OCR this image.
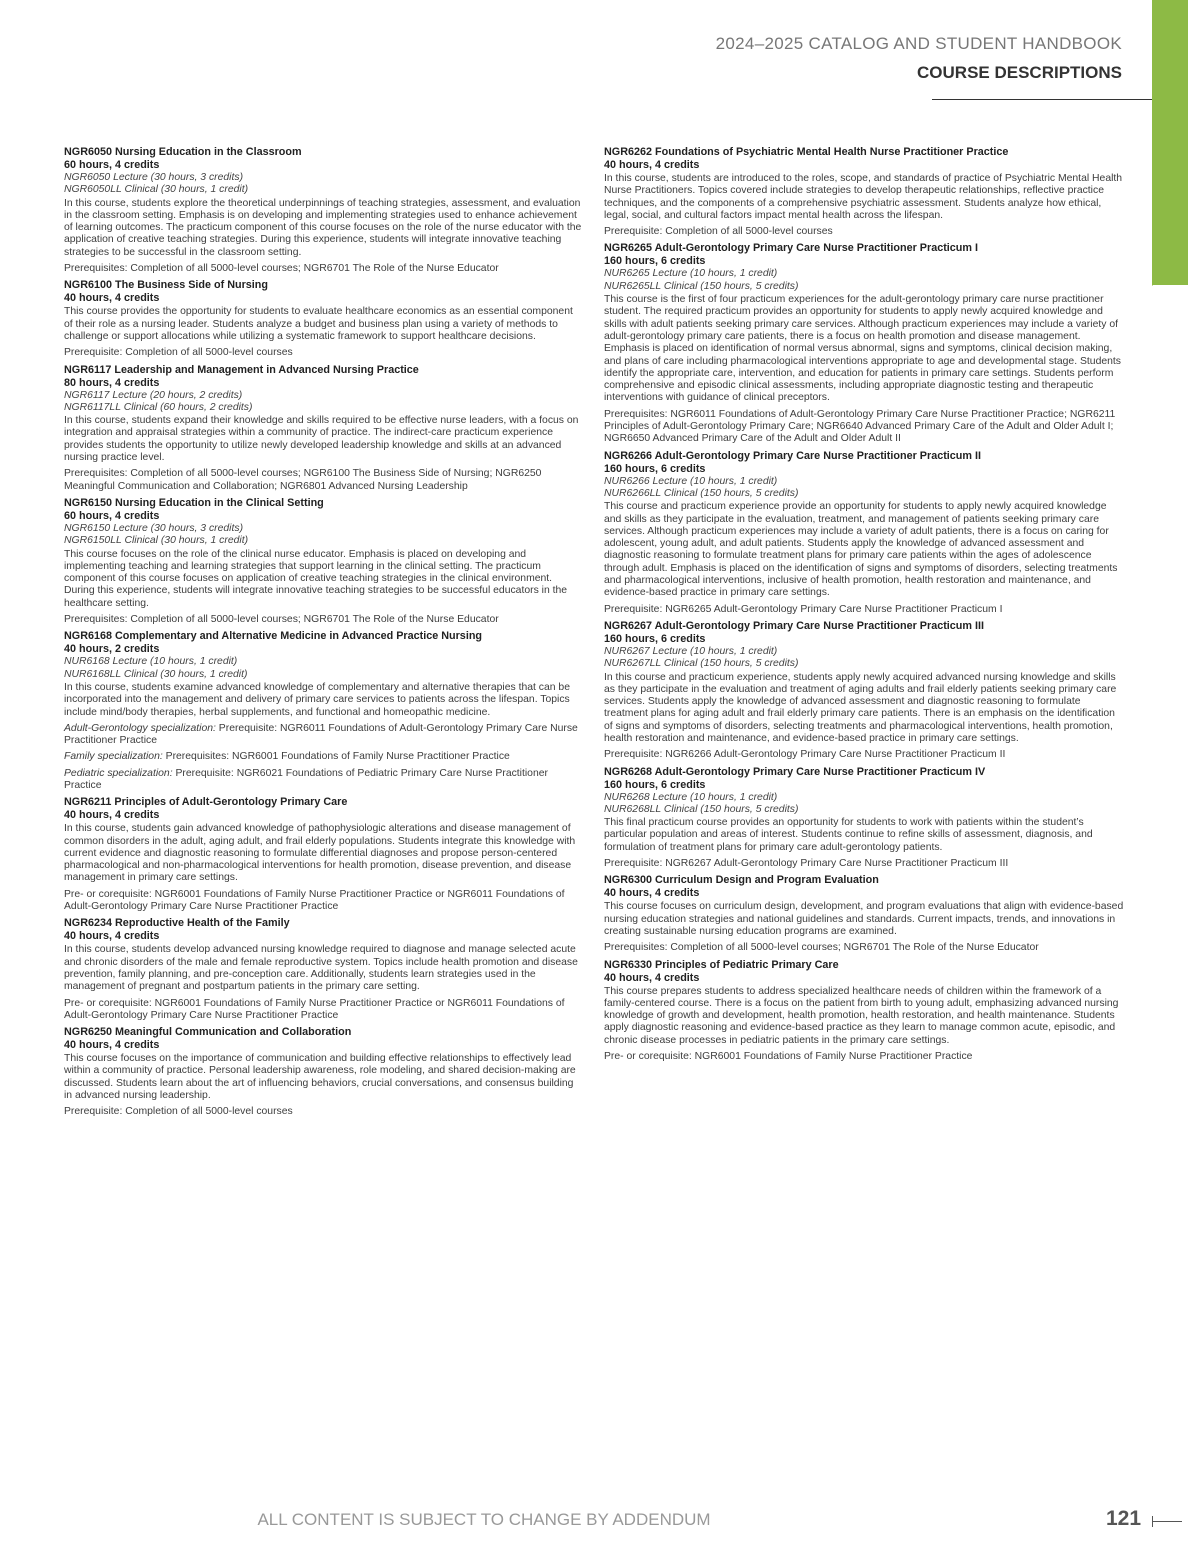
2024–2025 CATALOG AND STUDENT HANDBOOK
COURSE DESCRIPTIONS
NGR6050 Nursing Education in the Classroom
60 hours, 4 credits
NGR6050 Lecture (30 hours, 3 credits)
NGR6050LL Clinical (30 hours, 1 credit)
In this course, students explore the theoretical underpinnings of teaching strategies, assessment, and evaluation in the classroom setting. Emphasis is on developing and implementing strategies used to enhance achievement of learning outcomes. The practicum component of this course focuses on the role of the nurse educator with the application of creative teaching strategies. During this experience, students will integrate innovative teaching strategies to be successful in the classroom setting.
Prerequisites: Completion of all 5000-level courses; NGR6701 The Role of the Nurse Educator
NGR6100 The Business Side of Nursing
40 hours, 4 credits
This course provides the opportunity for students to evaluate healthcare economics as an essential component of their role as a nursing leader. Students analyze a budget and business plan using a variety of methods to challenge or support allocations while utilizing a systematic framework to support healthcare decisions.
Prerequisite: Completion of all 5000-level courses
NGR6117 Leadership and Management in Advanced Nursing Practice
80 hours, 4 credits
NGR6117 Lecture (20 hours, 2 credits)
NGR6117LL Clinical (60 hours, 2 credits)
In this course, students expand their knowledge and skills required to be effective nurse leaders, with a focus on integration and appraisal strategies within a community of practice. The indirect-care practicum experience provides students the opportunity to utilize newly developed leadership knowledge and skills at an advanced nursing practice level.
Prerequisites: Completion of all 5000-level courses; NGR6100 The Business Side of Nursing; NGR6250 Meaningful Communication and Collaboration; NGR6801 Advanced Nursing Leadership
NGR6150 Nursing Education in the Clinical Setting
60 hours, 4 credits
NGR6150 Lecture (30 hours, 3 credits)
NGR6150LL Clinical (30 hours, 1 credit)
This course focuses on the role of the clinical nurse educator. Emphasis is placed on developing and implementing teaching and learning strategies that support learning in the clinical setting. The practicum component of this course focuses on application of creative teaching strategies in the clinical environment. During this experience, students will integrate innovative teaching strategies to be successful educators in the healthcare setting.
Prerequisites: Completion of all 5000-level courses; NGR6701 The Role of the Nurse Educator
NGR6168 Complementary and Alternative Medicine in Advanced Practice Nursing
40 hours, 2 credits
NUR6168 Lecture (10 hours, 1 credit)
NUR6168LL Clinical (30 hours, 1 credit)
In this course, students examine advanced knowledge of complementary and alternative therapies that can be incorporated into the management and delivery of primary care services to patients across the lifespan. Topics include mind/body therapies, herbal supplements, and functional and homeopathic medicine.
Adult-Gerontology specialization: Prerequisite: NGR6011 Foundations of Adult-Gerontology Primary Care Nurse Practitioner Practice
Family specialization: Prerequisites: NGR6001 Foundations of Family Nurse Practitioner Practice
Pediatric specialization: Prerequisite: NGR6021 Foundations of Pediatric Primary Care Nurse Practitioner Practice
NGR6211 Principles of Adult-Gerontology Primary Care
40 hours, 4 credits
In this course, students gain advanced knowledge of pathophysiologic alterations and disease management of common disorders in the adult, aging adult, and frail elderly populations. Students integrate this knowledge with current evidence and diagnostic reasoning to formulate differential diagnoses and propose person-centered pharmacological and non-pharmacological interventions for health promotion, disease prevention, and disease management in primary care settings.
Pre- or corequisite: NGR6001 Foundations of Family Nurse Practitioner Practice or NGR6011 Foundations of Adult-Gerontology Primary Care Nurse Practitioner Practice
NGR6234 Reproductive Health of the Family
40 hours, 4 credits
In this course, students develop advanced nursing knowledge required to diagnose and manage selected acute and chronic disorders of the male and female reproductive system. Topics include health promotion and disease prevention, family planning, and pre-conception care. Additionally, students learn strategies used in the management of pregnant and postpartum patients in the primary care setting.
Pre- or corequisite: NGR6001 Foundations of Family Nurse Practitioner Practice or NGR6011 Foundations of Adult-Gerontology Primary Care Nurse Practitioner Practice
NGR6250 Meaningful Communication and Collaboration
40 hours, 4 credits
This course focuses on the importance of communication and building effective relationships to effectively lead within a community of practice. Personal leadership awareness, role modeling, and shared decision-making are discussed. Students learn about the art of influencing behaviors, crucial conversations, and consensus building in advanced nursing leadership.
Prerequisite: Completion of all 5000-level courses
NGR6262 Foundations of Psychiatric Mental Health Nurse Practitioner Practice
40 hours, 4 credits
In this course, students are introduced to the roles, scope, and standards of practice of Psychiatric Mental Health Nurse Practitioners. Topics covered include strategies to develop therapeutic relationships, reflective practice techniques, and the components of a comprehensive psychiatric assessment. Students analyze how ethical, legal, social, and cultural factors impact mental health across the lifespan.
Prerequisite: Completion of all 5000-level courses
NGR6265 Adult-Gerontology Primary Care Nurse Practitioner Practicum I
160 hours, 6 credits
NUR6265 Lecture (10 hours, 1 credit)
NUR6265LL Clinical (150 hours, 5 credits)
This course is the first of four practicum experiences for the adult-gerontology primary care nurse practitioner student. The required practicum provides an opportunity for students to apply newly acquired knowledge and skills with adult patients seeking primary care services. Although practicum experiences may include a variety of adult-gerontology primary care patients, there is a focus on health promotion and disease management. Emphasis is placed on identification of normal versus abnormal, signs and symptoms, clinical decision making, and plans of care including pharmacological interventions appropriate to age and developmental stage. Students identify the appropriate care, intervention, and education for patients in primary care settings. Students perform comprehensive and episodic clinical assessments, including appropriate diagnostic testing and therapeutic interventions with guidance of clinical preceptors.
Prerequisites: NGR6011 Foundations of Adult-Gerontology Primary Care Nurse Practitioner Practice; NGR6211 Principles of Adult-Gerontology Primary Care; NGR6640 Advanced Primary Care of the Adult and Older Adult I; NGR6650 Advanced Primary Care of the Adult and Older Adult II
NGR6266 Adult-Gerontology Primary Care Nurse Practitioner Practicum II
160 hours, 6 credits
NUR6266 Lecture (10 hours, 1 credit)
NUR6266LL Clinical (150 hours, 5 credits)
This course and practicum experience provide an opportunity for students to apply newly acquired knowledge and skills as they participate in the evaluation, treatment, and management of patients seeking primary care services. Although practicum experiences may include a variety of adult patients, there is a focus on caring for adolescent, young adult, and adult patients. Students apply the knowledge of advanced assessment and diagnostic reasoning to formulate treatment plans for primary care patients within the ages of adolescence through adult. Emphasis is placed on the identification of signs and symptoms of disorders, selecting treatments and pharmacological interventions, inclusive of health promotion, health restoration and maintenance, and evidence-based practice in primary care settings.
Prerequisite: NGR6265 Adult-Gerontology Primary Care Nurse Practitioner Practicum I
NGR6267 Adult-Gerontology Primary Care Nurse Practitioner Practicum III
160 hours, 6 credits
NUR6267 Lecture (10 hours, 1 credit)
NUR6267LL Clinical (150 hours, 5 credits)
In this course and practicum experience, students apply newly acquired advanced nursing knowledge and skills as they participate in the evaluation and treatment of aging adults and frail elderly patients seeking primary care services. Students apply the knowledge of advanced assessment and diagnostic reasoning to formulate treatment plans for aging adult and frail elderly primary care patients. There is an emphasis on the identification of signs and symptoms of disorders, selecting treatments and pharmacological interventions, health promotion, health restoration and maintenance, and evidence-based practice in primary care settings.
Prerequisite: NGR6266 Adult-Gerontology Primary Care Nurse Practitioner Practicum II
NGR6268 Adult-Gerontology Primary Care Nurse Practitioner Practicum IV
160 hours, 6 credits
NUR6268 Lecture (10 hours, 1 credit)
NUR6268LL Clinical (150 hours, 5 credits)
This final practicum course provides an opportunity for students to work with patients within the student’s particular population and areas of interest. Students continue to refine skills of assessment, diagnosis, and formulation of treatment plans for primary care adult-gerontology patients.
Prerequisite: NGR6267 Adult-Gerontology Primary Care Nurse Practitioner Practicum III
NGR6300 Curriculum Design and Program Evaluation
40 hours, 4 credits
This course focuses on curriculum design, development, and program evaluations that align with evidence-based nursing education strategies and national guidelines and standards. Current impacts, trends, and innovations in creating sustainable nursing education programs are examined.
Prerequisites: Completion of all 5000-level courses; NGR6701 The Role of the Nurse Educator
NGR6330 Principles of Pediatric Primary Care
40 hours, 4 credits
This course prepares students to address specialized healthcare needs of children within the framework of a family-centered course. There is a focus on the patient from birth to young adult, emphasizing advanced nursing knowledge of growth and development, health promotion, health restoration, and health maintenance. Students apply diagnostic reasoning and evidence-based practice as they learn to manage common acute, episodic, and chronic disease processes in pediatric patients in the primary care settings.
Pre- or corequisite: NGR6001 Foundations of Family Nurse Practitioner Practice
ALL CONTENT IS SUBJECT TO CHANGE BY ADDENDUM	121
